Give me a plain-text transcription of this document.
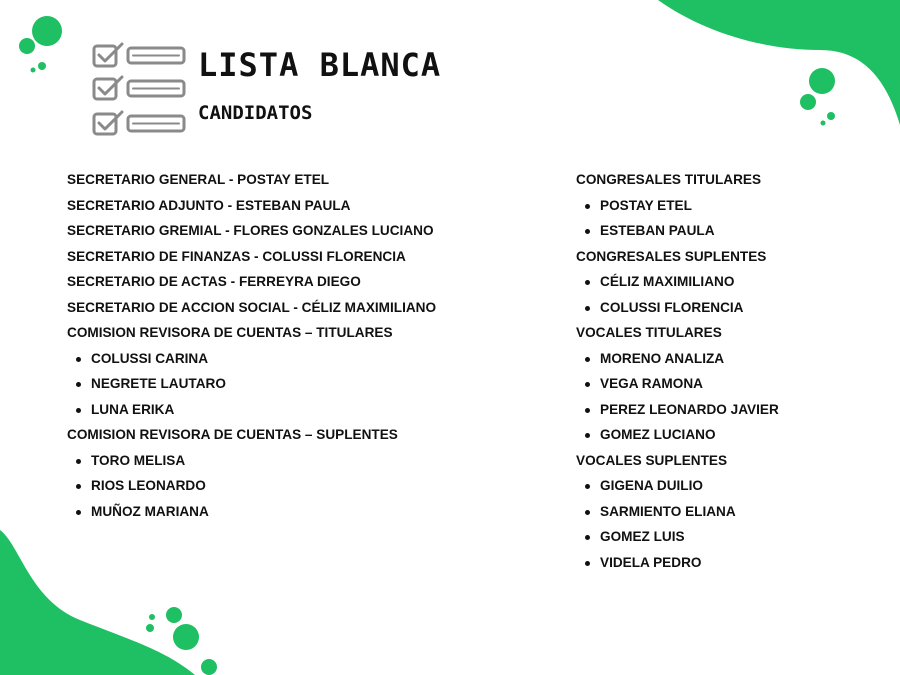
LISTA BLANCA
CANDIDATOS
SECRETARIO GENERAL - POSTAY ETEL
SECRETARIO ADJUNTO - ESTEBAN PAULA
SECRETARIO GREMIAL - FLORES GONZALES LUCIANO
SECRETARIO DE FINANZAS - COLUSSI FLORENCIA
SECRETARIO DE ACTAS - FERREYRA DIEGO
SECRETARIO DE ACCION SOCIAL - CÉLIZ MAXIMILIANO
COMISION REVISORA DE CUENTAS – TITULARES
COLUSSI CARINA
NEGRETE LAUTARO
LUNA ERIKA
COMISION REVISORA DE CUENTAS – SUPLENTES
TORO MELISA
RIOS LEONARDO
MUÑOZ MARIANA
CONGRESALES TITULARES
POSTAY ETEL
ESTEBAN PAULA
CONGRESALES SUPLENTES
CÉLIZ MAXIMILIANO
COLUSSI FLORENCIA
VOCALES TITULARES
MORENO ANALIZA
VEGA RAMONA
PEREZ LEONARDO JAVIER
GOMEZ LUCIANO
VOCALES SUPLENTES
GIGENA DUILIO
SARMIENTO ELIANA
GOMEZ LUIS
VIDELA PEDRO
